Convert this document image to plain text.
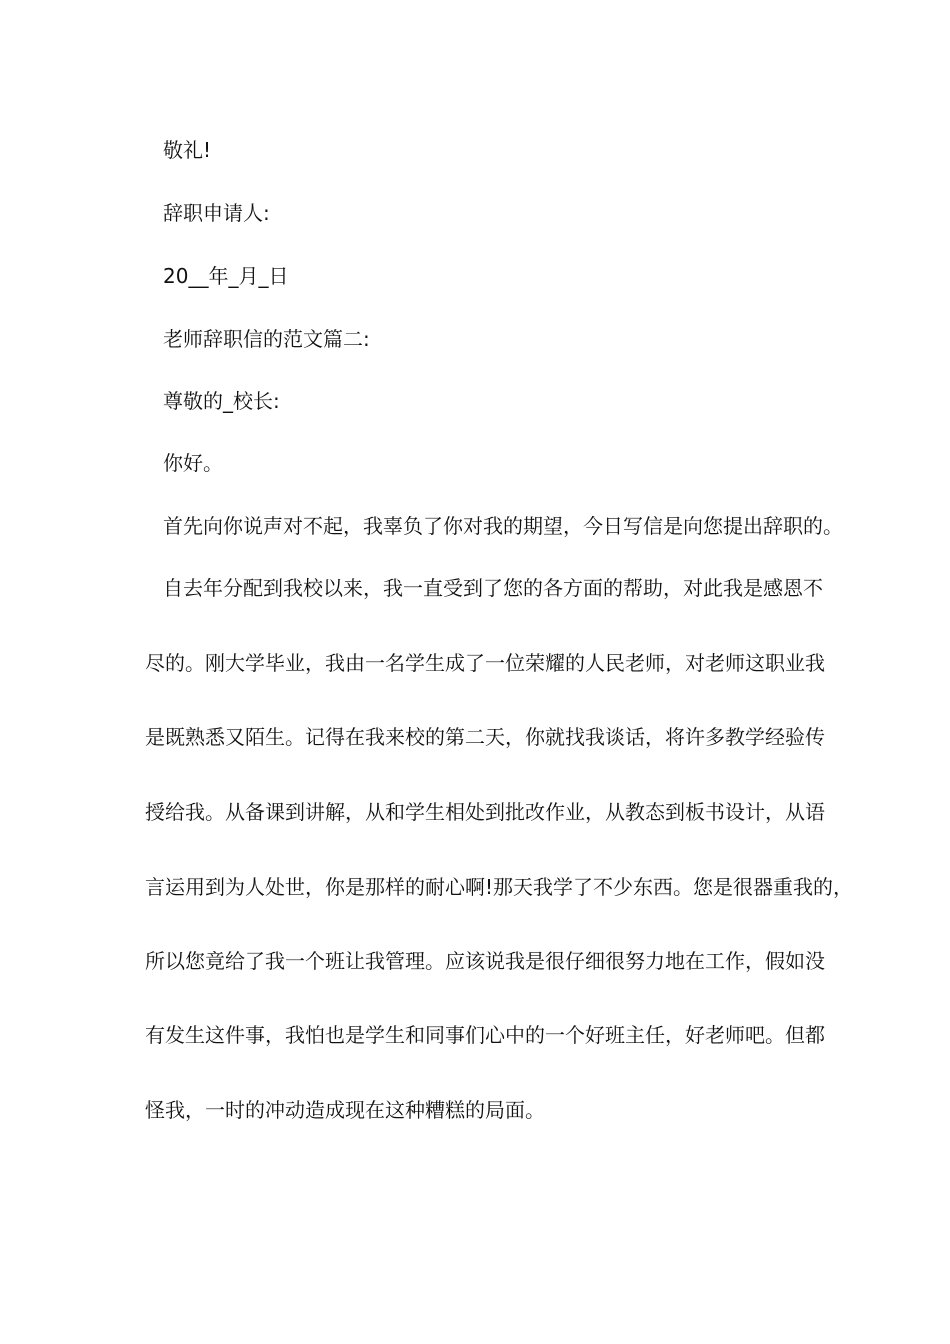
敬礼!
辞职申请人:
20__年_月_日
老师辞职信的范文篇二:
尊敬的_校长:
你好。
首先向你说声对不起，我辜负了你对我的期望，今日写信是向您提出辞职的。
自去年分配到我校以来，我一直受到了您的各方面的帮助，对此我是感恩不
尽的。刚大学毕业，我由一名学生成了一位荣耀的人民老师，对老师这职业我
是既熟悉又陌生。记得在我来校的第二天，你就找我谈话，将许多教学经验传
授给我。从备课到讲解，从和学生相处到批改作业，从教态到板书设计，从语
言运用到为人处世，你是那样的耐心啊!那天我学了不少东西。您是很器重我的，
所以您竟给了我一个班让我管理。应该说我是很仔细很努力地在工作，假如没
有发生这件事，我怕也是学生和同事们心中的一个好班主任，好老师吧。但都
怪我，一时的冲动造成现在这种糟糕的局面。
